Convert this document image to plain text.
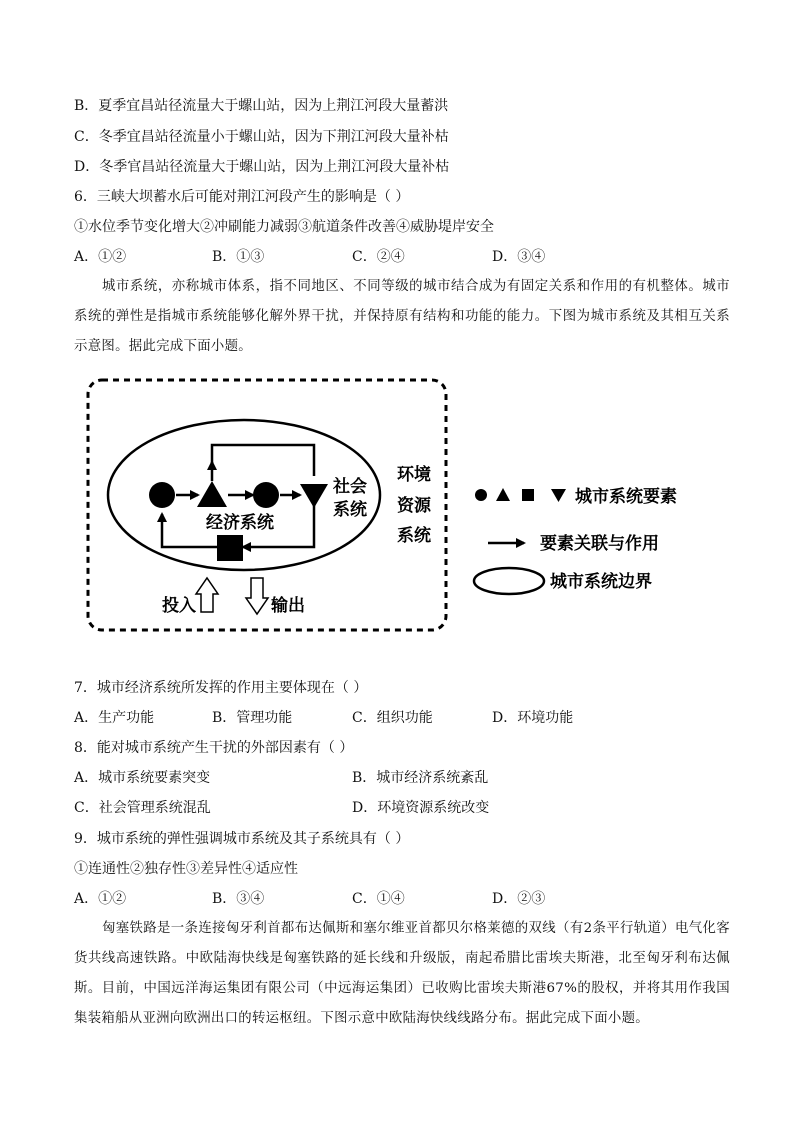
B．夏季宜昌站径流量大于螺山站，因为上荆江河段大量蓄洪
C．冬季宜昌站径流量小于螺山站，因为下荆江河段大量补枯
D．冬季官昌站径流量大于螺山站，因为上荆江河段大量补枯
6．三峡大坝蓄水后可能对荆江河段产生的影响是（ ）
①水位季节变化增大②冲刷能力减弱③航道条件改善④威胁堤岸安全
A．①②	B．①③	C．②④	D．③④
城市系统，亦称城市体系，指不同地区、不同等级的城市结合成为有固定关系和作用的有机整体。城市系统的弹性是指城市系统能够化解外界干扰，并保持原有结构和功能的能力。下图为城市系统及其相互关系示意图。据此完成下面小题。
经济系统
社会
系统
环境
资源
系统
投入	输出
城市系统要素
要素关联与作用
城市系统边界
7．城市经济系统所发挥的作用主要体现在（ ）
A．生产功能	B．管理功能	C．组织功能	D．环境功能
8．能对城市系统产生干扰的外部因素有（ ）
A．城市系统要素突变	B．城市经济系统紊乱
C．社会管理系统混乱	D．环境资源系统改变
9．城市系统的弹性强调城市系统及其子系统具有（ ）
①连通性②独存性③差异性④适应性
A．①②	B．③④	C．①④	D．②③
匈塞铁路是一条连接匈牙利首都布达佩斯和塞尔维亚首都贝尔格莱德的双线（有2条平行轨道）电气化客货共线高速铁路。中欧陆海快线是匈塞铁路的延长线和升级版，南起希腊比雷埃夫斯港，北至匈牙利布达佩斯。目前，中国远洋海运集团有限公司（中远海运集团）已收购比雷埃夫斯港67%的股权，并将其用作我国集装箱船从亚洲向欧洲出口的转运枢纽。下图示意中欧陆海快线线路分布。据此完成下面小题。
